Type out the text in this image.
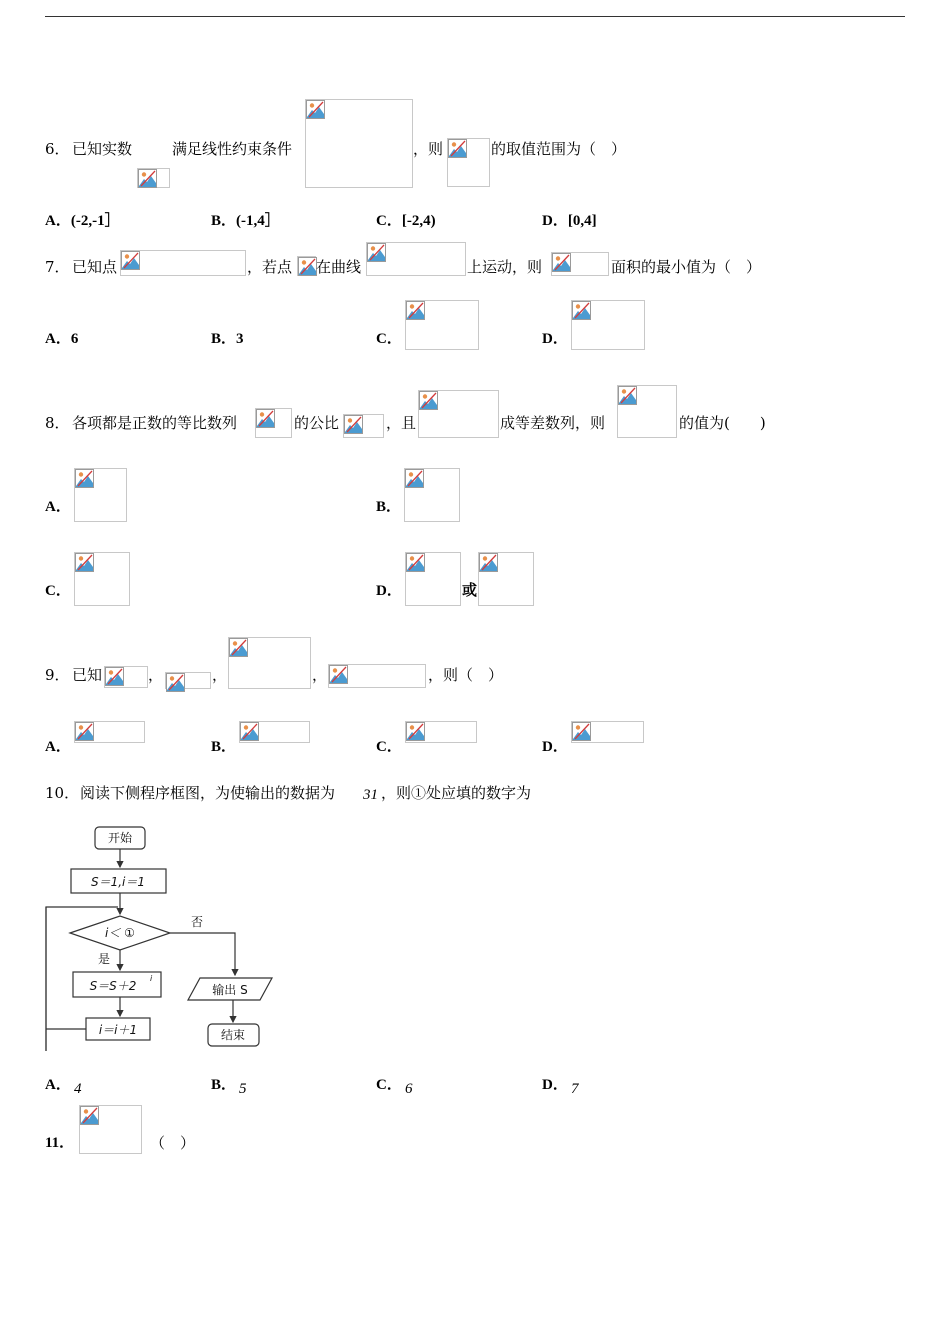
6． 已知实数	满足线性约束条件	，则	的取值范围为（　）
A．(-2,-1］	B．(-1,4］	C．[-2,4)	D．[0,4]
7． 已知点	，若点 在曲线	上运动，则	面积的最小值为（　）
A．6	B．3	C．	D．
8． 各项都是正数的等比数列	的公比	，且	成等差数列，则	的值为(　　)
A．	B．
C．	D．	或
9． 已知	，	，	，	，则（　）
A．	B．	C．	D．
10． 阅读下侧程序框图，为使输出的数据为 31 ，则①处应填的数字为
开始
S＝1,i＝1
i＜ ①
否
是
S＝S＋2
i
i＝i＋1
输出 S
结束
A． 4	B． 5	C． 6	D． 7
11．	（　）
